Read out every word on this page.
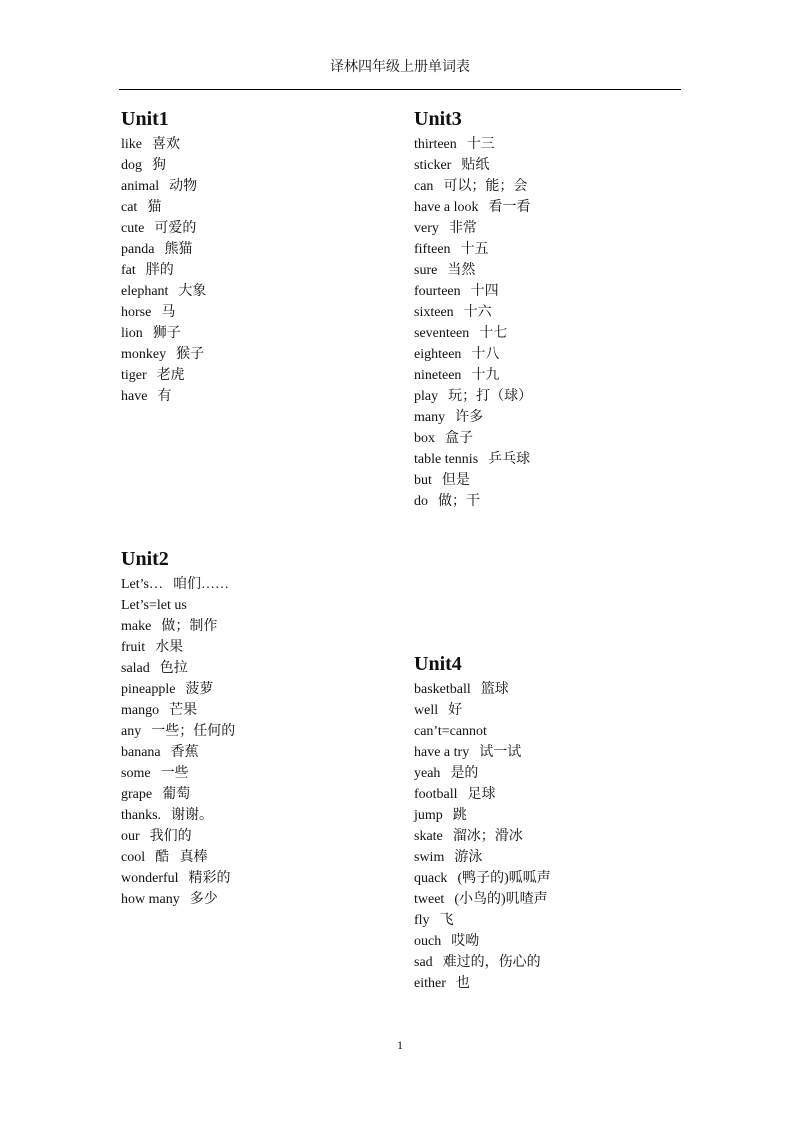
译林四年级上册单词表
Unit1
like 喜欢
dog 狗
animal 动物
cat 猫
cute 可爱的
panda 熊猫
fat 胖的
elephant 大象
horse 马
lion 狮子
monkey 猴子
tiger 老虎
have 有
Unit3
thirteen 十三
sticker 贴纸
can 可以；能；会
have a look 看一看
very 非常
fifteen 十五
sure 当然
fourteen 十四
sixteen 十六
seventeen 十七
eighteen 十八
nineteen 十九
play 玩；打（球）
many 许多
box 盒子
table tennis 乒乓球
but 但是
do 做；干
Unit2
Let’s… 咱们……
Let’s=let us
make 做；制作
fruit 水果
salad 色拉
pineapple 菠萝
mango 芒果
any 一些；任何的
banana 香蕉
some 一些
grape 葡萄
thanks. 谢谢。
our 我们的
cool 酷   真棒
wonderful 精彩的
how many 多少
Unit4
basketball 篮球
well 好
can’t=cannot
have a try 试一试
yeah 是的
football 足球
jump 跳
skate 溜冰；滑冰
swim 游泳
quack (鸭子的)呱呱声
tweet (小鸟的)叽喳声
fly 飞
ouch 哎呦
sad 难过的，伤心的
either 也
1
